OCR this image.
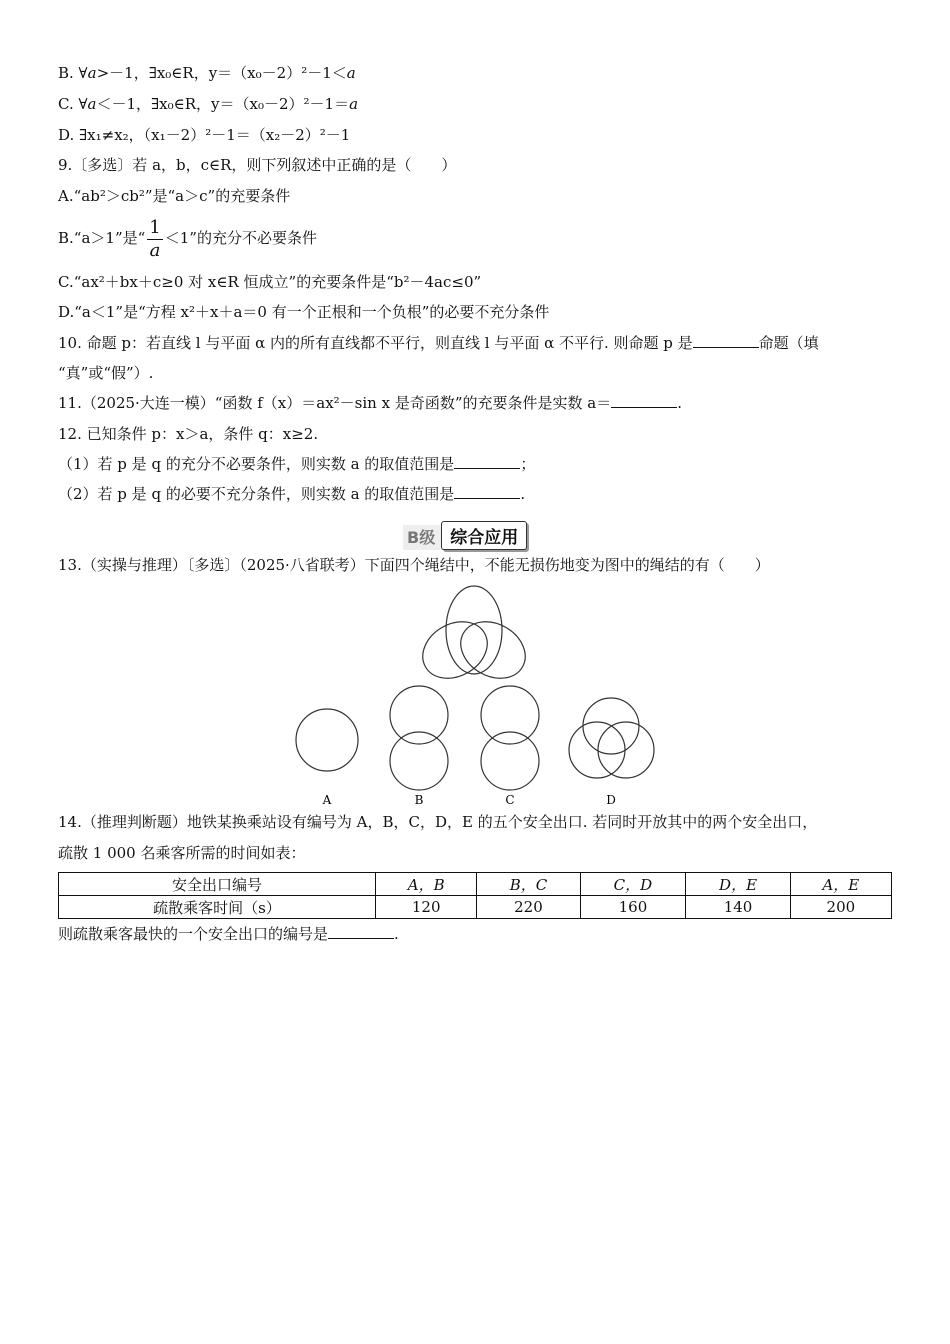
B. ∀a>－1，∃x₀∈R，y＝（x₀－2）²－1＜a
C. ∀a＜－1，∃x₀∈R，y＝（x₀－2）²－1＝a
D. ∃x₁≠x₂，（x₁－2）²－1＝（x₂－2）²－1
9.〔多选〕若 a，b，c∈R，则下列叙述中正确的是（　　）
A.“ab²＞cb²”是“a＞c”的充要条件
B.“a＞1”是“ $\frac{1}{a} <1$”的充分不必要条件
C.“ax²＋bx＋c≥0 对 x∈R 恒成立”的充要条件是“b²－4ac≤0”
D.“a＜1”是“方程 x²＋x＋a＝0 有一个正根和一个负根”的必要不充分条件
10. 命题 p：若直线 l 与平面 α 内的所有直线都不平行，则直线 l 与平面 α 不平行. 则命题 p 是	命题（填
“真”或“假”）.
11.（2025·大连一模）“函数 f（x）＝ax²－sin x 是奇函数”的充要条件是实数 a＝	.
12. 已知条件 p：x＞a，条件 q：x≥2.
（1）若 p 是 q 的充分不必要条件，则实数 a 的取值范围是	；
（2）若 p 是 q 的必要不充分条件，则实数 a 的取值范围是	.
B级 综合应用
13.（实操与推理）〔多选〕（2025·八省联考）下面四个绳结中，不能无损伤地变为图中的绳结的有（　　）
A	B	C	D
14.（推理判断题）地铁某换乘站设有编号为 A，B，C，D，E 的五个安全出口. 若同时开放其中的两个安全出口，
疏散 1 000 名乘客所需的时间如表：
安全出口编号	A，B	B，C	C，D	D，E	A，E
疏散乘客时间（s）	120	220	160	140	200
则疏散乘客最快的一个安全出口的编号是	.
